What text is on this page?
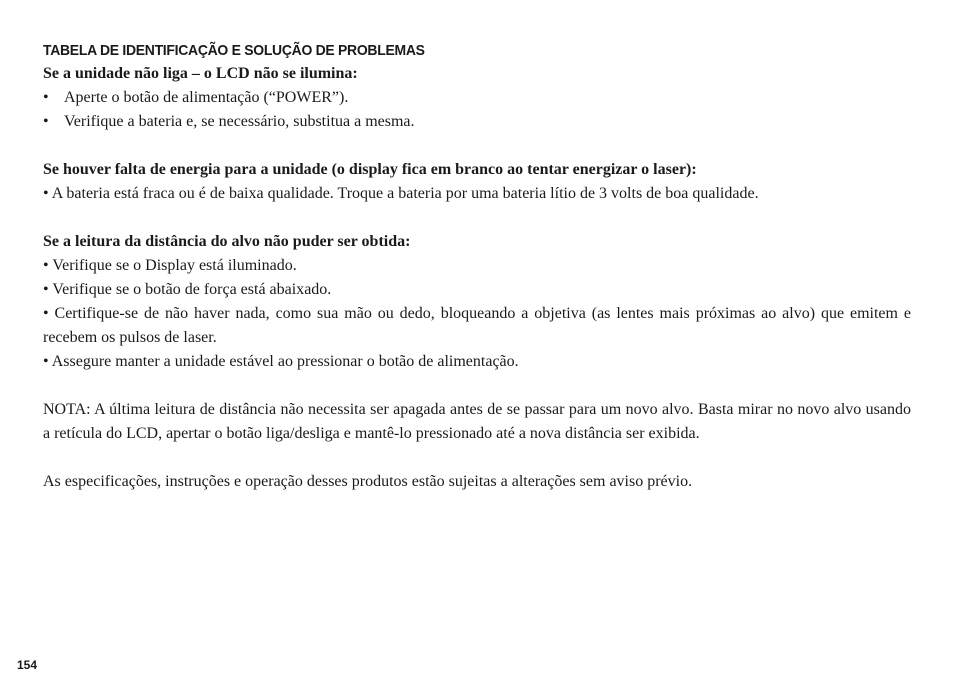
TABELA DE IDENTIFICAÇÃO E SOLUÇÃO DE PROBLEMAS

Se a unidade não liga – o LCD não se ilumina:

• Aperte o botão de alimentação (“POWER”).
• Verifique a bateria e, se necessário, substitua a mesma.

Se houver falta de energia para a unidade (o display fica em branco ao tentar energizar o laser):

• A bateria está fraca ou é de baixa qualidade. Troque a bateria por uma bateria lítio de 3 volts de boa qualidade.

Se a leitura da distância do alvo não puder ser obtida:

• Verifique se o Display está iluminado.

• Verifique se o botão de força está abaixado.

• Certifique-se de não haver nada, como sua mão ou dedo, bloqueando a objetiva (as lentes mais próximas ao alvo) que emitem e recebem os pulsos de laser.

• Assegure manter a unidade estável ao pressionar o botão de alimentação.

NOTA: A última leitura de distância não necessita ser apagada antes de se passar para um novo alvo. Basta mirar no novo alvo usando a retícula do LCD, apertar o botão liga/desliga e mantê-lo pressionado até a nova distância ser exibida.

As especificações, instruções e operação desses produtos estão sujeitas a alterações sem aviso prévio.

154
